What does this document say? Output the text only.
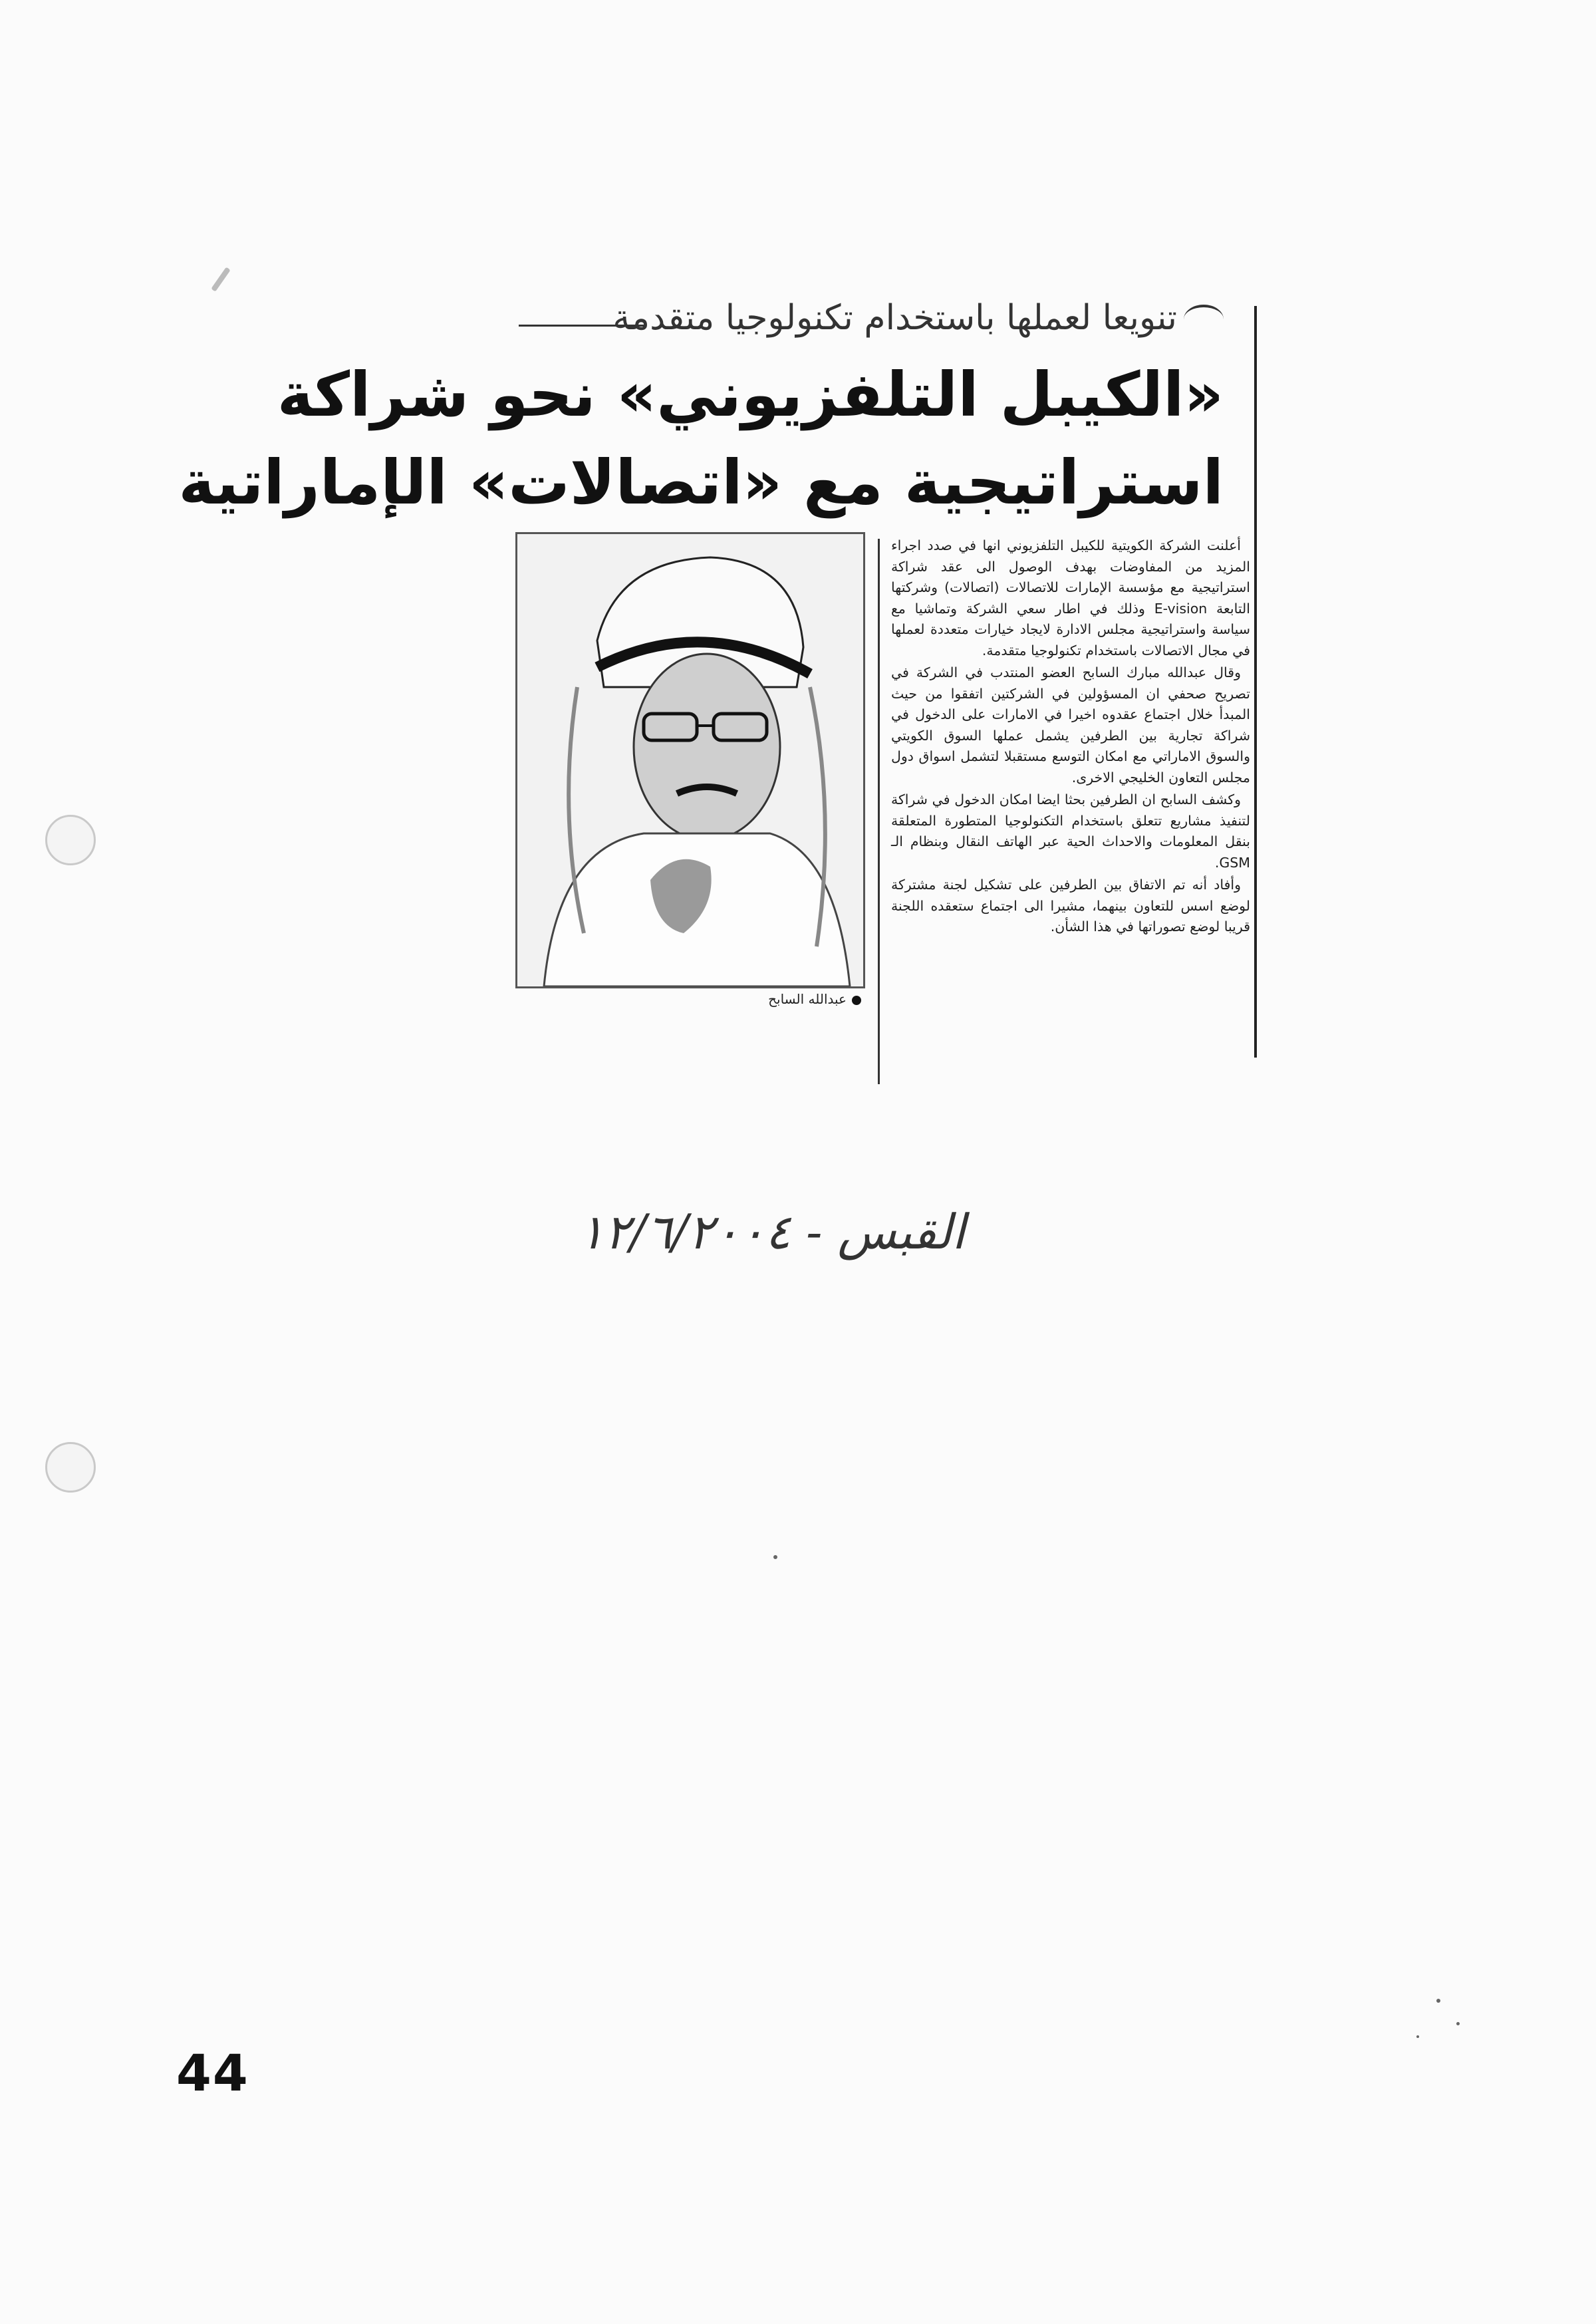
تنويعا لعملها باستخدام تكنولوجيا متقدمة
«الكيبل التلفزيوني» نحو شراكة
استراتيجية مع «اتصالات» الإماراتية
عبدالله السابح

أعلنت الشركة الكويتية للكيبل التلفزيوني انها في صدد اجراء المزيد من المفاوضات بهدف الوصول الى عقد شراكة استراتيجية مع مؤسسة الإمارات للاتصالات (اتصالات) وشركتها التابعة E-vision وذلك في اطار سعي الشركة وتماشيا مع سياسة واستراتيجية مجلس الادارة لايجاد خيارات متعددة لعملها في مجال الاتصالات باستخدام تكنولوجيا متقدمة.

وقال عبدالله مبارك السابح العضو المنتدب في الشركة في تصريح صحفي ان المسؤولين في الشركتين اتفقوا من حيث المبدأ خلال اجتماع عقدوه اخيرا في الامارات على الدخول في شراكة تجارية بين الطرفين يشمل عملها السوق الكويتي والسوق الاماراتي مع امكان التوسع مستقبلا لتشمل اسواق دول مجلس التعاون الخليجي الاخرى.

وكشف السابح ان الطرفين بحثا ايضا امكان الدخول في شراكة لتنفيذ مشاريع تتعلق باستخدام التكنولوجيا المتطورة المتعلقة بنقل المعلومات والاحداث الحية عبر الهاتف النقال وبنظام الـ GSM.

وأفاد أنه تم الاتفاق بين الطرفين على تشكيل لجنة مشتركة لوضع اسس للتعاون بينهما، مشيرا الى اجتماع ستعقده اللجنة قريبا لوضع تصوراتها في هذا الشأن.

القبس - ١٢/٦/٢٠٠٤
44
